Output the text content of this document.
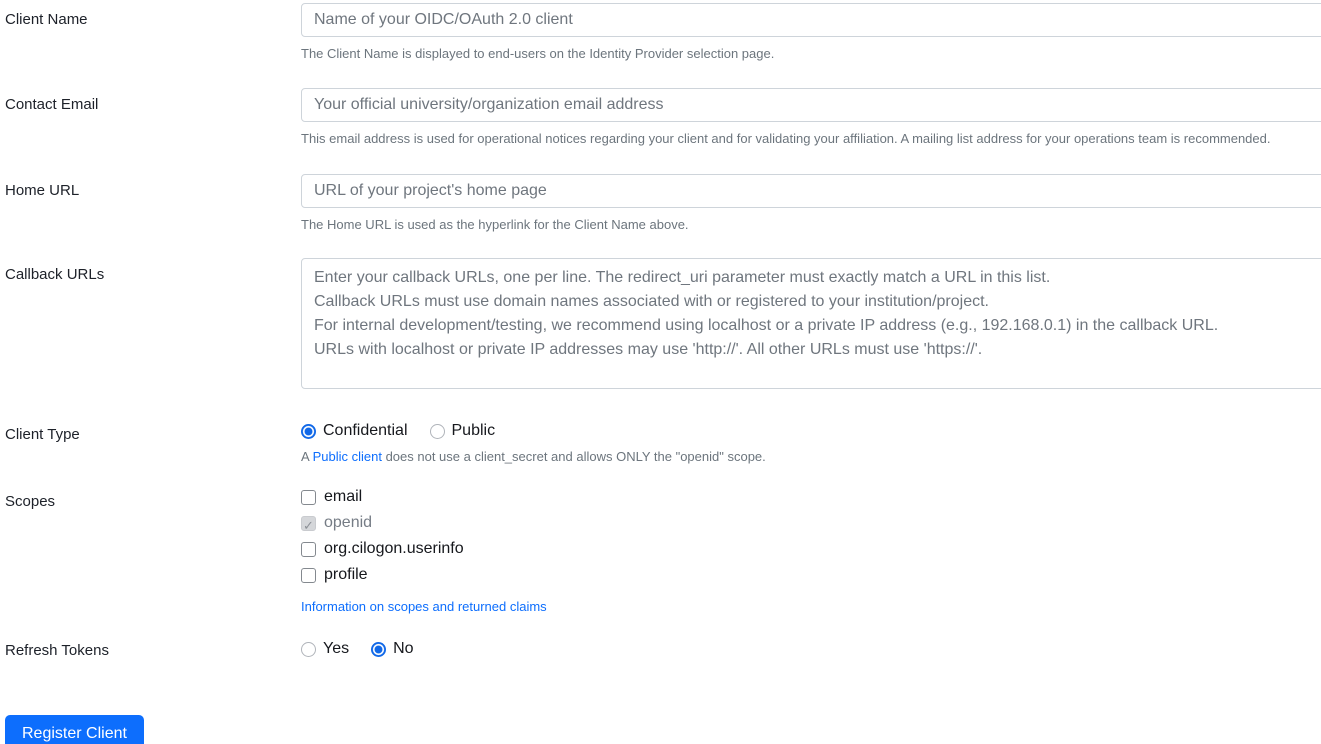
Client Name
Name of your OIDC/OAuth 2.0 client
The Client Name is displayed to end-users on the Identity Provider selection page.
Contact Email
Your official university/organization email address
This email address is used for operational notices regarding your client and for validating your affiliation. A mailing list address for your operations team is recommended.
Home URL
URL of your project's home page
The Home URL is used as the hyperlink for the Client Name above.
Callback URLs
Enter your callback URLs, one per line. The redirect_uri parameter must exactly match a URL in this list. Callback URLs must use domain names associated with or registered to your institution/project. For internal development/testing, we recommend using localhost or a private IP address (e.g., 192.168.0.1) in the callback URL. URLs with localhost or private IP addresses may use 'http://'. All other URLs must use 'https://'.
Client Type	Confidential	Public
A Public client does not use a client_secret and allows ONLY the "openid" scope.
Scopes	email
✓
openid
org.cilogon.userinfo
profile
Information on scopes and returned claims
Refresh Tokens	Yes	No
Register Client
